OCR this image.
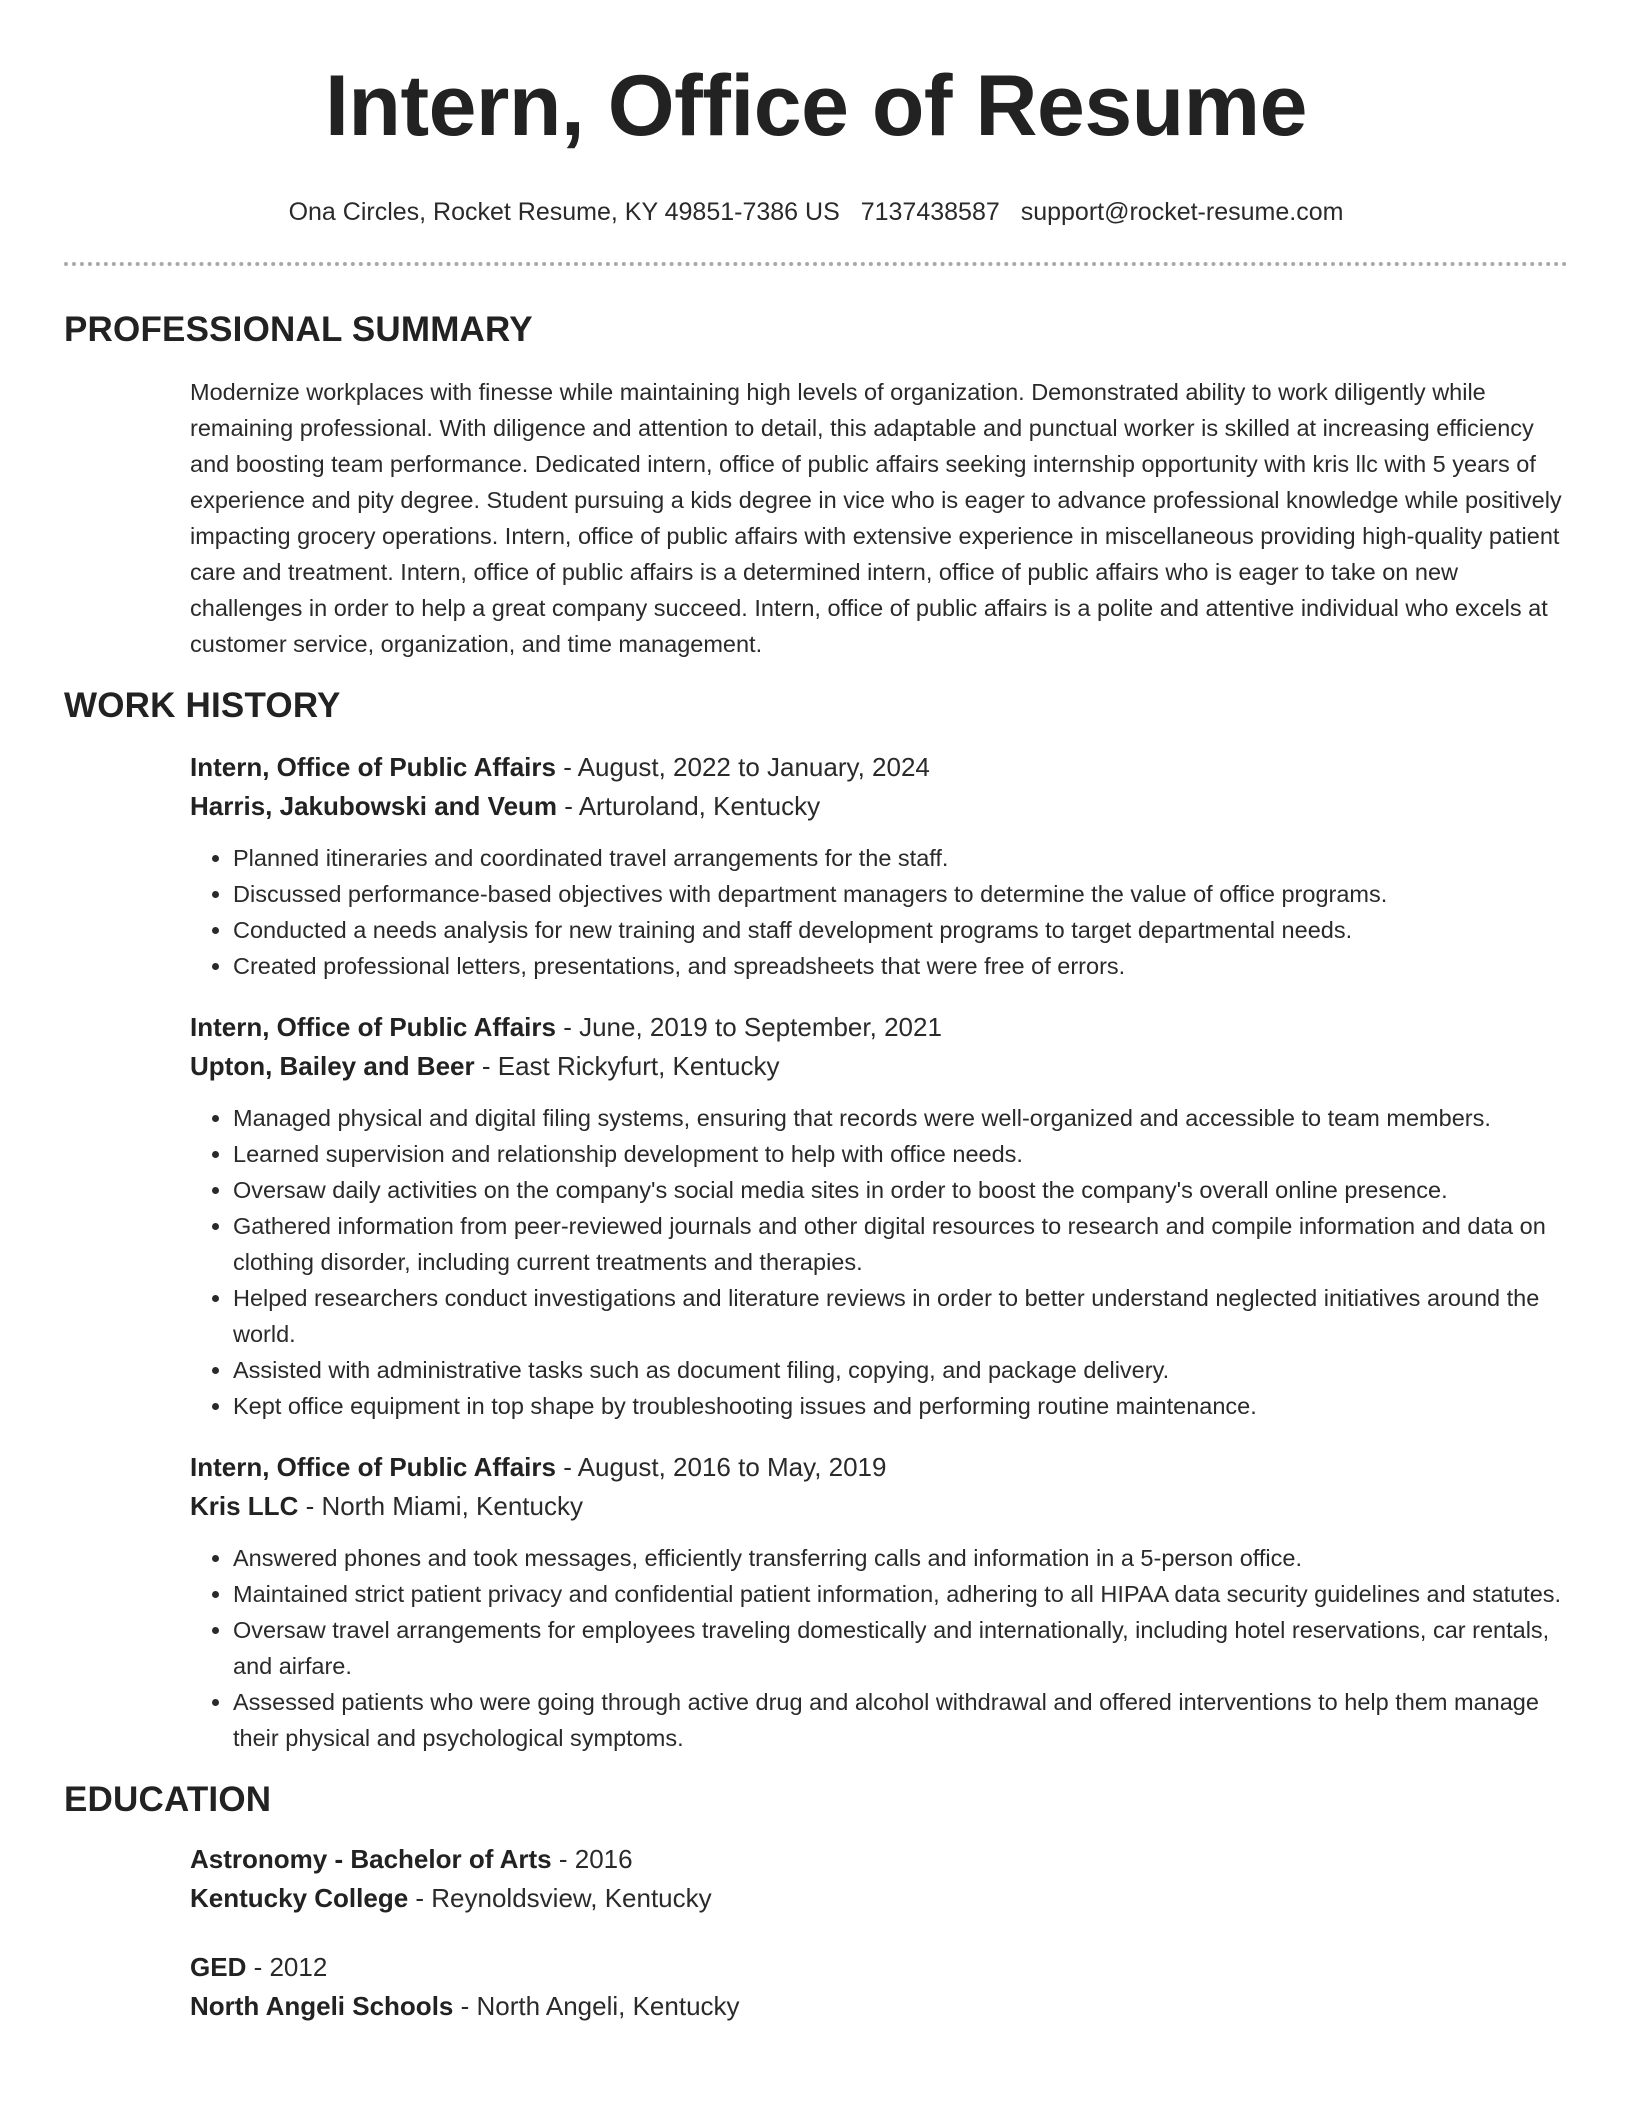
Intern, Office of Resume
Ona Circles, Rocket Resume, KY 49851-7386 US 7137438587 support@rocket-resume.com
PROFESSIONAL SUMMARY

Modernize workplaces with finesse while maintaining high levels of organization. Demonstrated ability to work diligently while remaining professional. With diligence and attention to detail, this adaptable and punctual worker is skilled at increasing efficiency and boosting team performance. Dedicated intern, office of public affairs seeking internship opportunity with kris llc with 5 years of experience and pity degree. Student pursuing a kids degree in vice who is eager to advance professional knowledge while positively impacting grocery operations. Intern, office of public affairs with extensive experience in miscellaneous providing high-quality patient care and treatment. Intern, office of public affairs is a determined intern, office of public affairs who is eager to take on new challenges in order to help a great company succeed. Intern, office of public affairs is a polite and attentive individual who excels at customer service, organization, and time management.

WORK HISTORY
Intern, Office of Public Affairs - August, 2022 to January, 2024
Harris, Jakubowski and Veum - Arturoland, Kentucky
• Planned itineraries and coordinated travel arrangements for the staff.
• Discussed performance-based objectives with department managers to determine the value of office programs.
• Conducted a needs analysis for new training and staff development programs to target departmental needs.
• Created professional letters, presentations, and spreadsheets that were free of errors.
Intern, Office of Public Affairs - June, 2019 to September, 2021
Upton, Bailey and Beer - East Rickyfurt, Kentucky
• Managed physical and digital filing systems, ensuring that records were well-organized and accessible to team members.
• Learned supervision and relationship development to help with office needs.
• Oversaw daily activities on the company's social media sites in order to boost the company's overall online presence.
• Gathered information from peer-reviewed journals and other digital resources to research and compile information and data on clothing disorder, including current treatments and therapies.
• Helped researchers conduct investigations and literature reviews in order to better understand neglected initiatives around the world.
• Assisted with administrative tasks such as document filing, copying, and package delivery.
• Kept office equipment in top shape by troubleshooting issues and performing routine maintenance.
Intern, Office of Public Affairs - August, 2016 to May, 2019
Kris LLC - North Miami, Kentucky
• Answered phones and took messages, efficiently transferring calls and information in a 5-person office.
• Maintained strict patient privacy and confidential patient information, adhering to all HIPAA data security guidelines and statutes.
• Oversaw travel arrangements for employees traveling domestically and internationally, including hotel reservations, car rentals, and airfare.
• Assessed patients who were going through active drug and alcohol withdrawal and offered interventions to help them manage their physical and psychological symptoms.
EDUCATION
Astronomy - Bachelor of Arts - 2016
Kentucky College - Reynoldsview, Kentucky
GED - 2012
North Angeli Schools - North Angeli, Kentucky
